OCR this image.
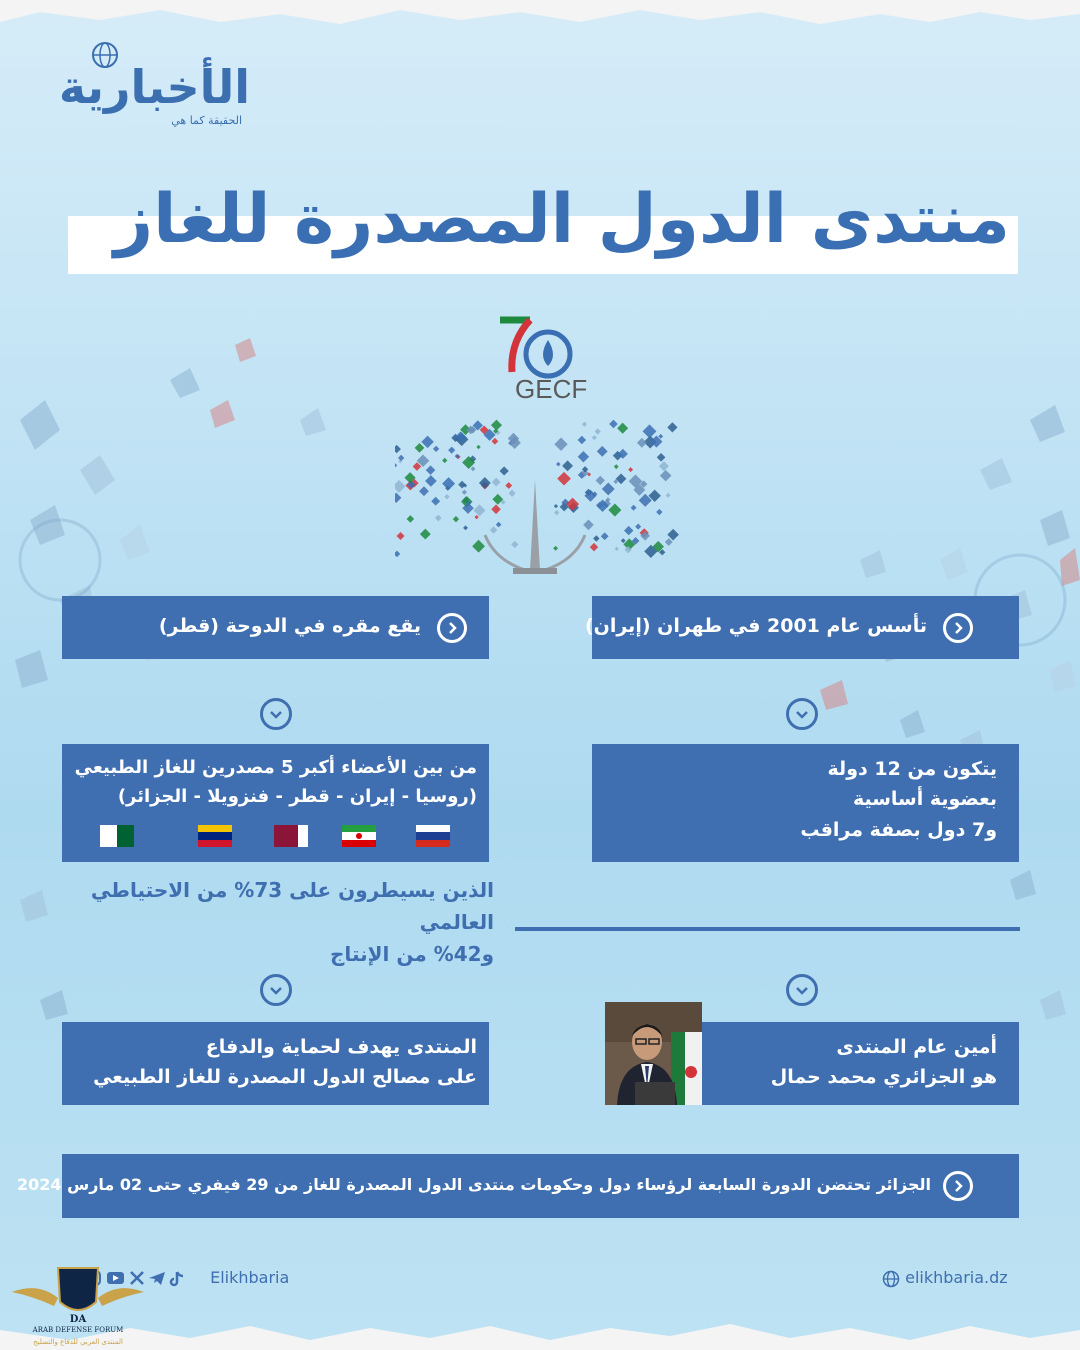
الأخبارية
الحقيقة كما هي
منتدى الدول المصدرة للغاز
GECF
تأسس عام 2001 في طهران (إيران)
يقع مقره في الدوحة (قطر)
يتكون من 12 دولة
بعضوية أساسية
و7 دول بصفة مراقب
من بين الأعضاء أكبر 5 مصدرين للغاز الطبيعي
(روسيا - إيران - قطر - فنزويلا - الجزائر)
الذين يسيطرون على 73% من الاحتياطي العالمي
و42% من الإنتاج
أمين عام المنتدى
هو الجزائري محمد حمال
المنتدى يهدف لحماية والدفاع
على مصالح الدول المصدرة للغاز الطبيعي
الجزائر تحتضن الدورة السابعة لرؤساء دول وحكومات منتدى الدول المصدرة للغاز من 29 فيفري حتى 02 مارس 2024
Elikhbaria	elikhbaria.dz
DA
ARAB DEFENSE FORUM
المنتدى العربي للدفاع والتسليح
